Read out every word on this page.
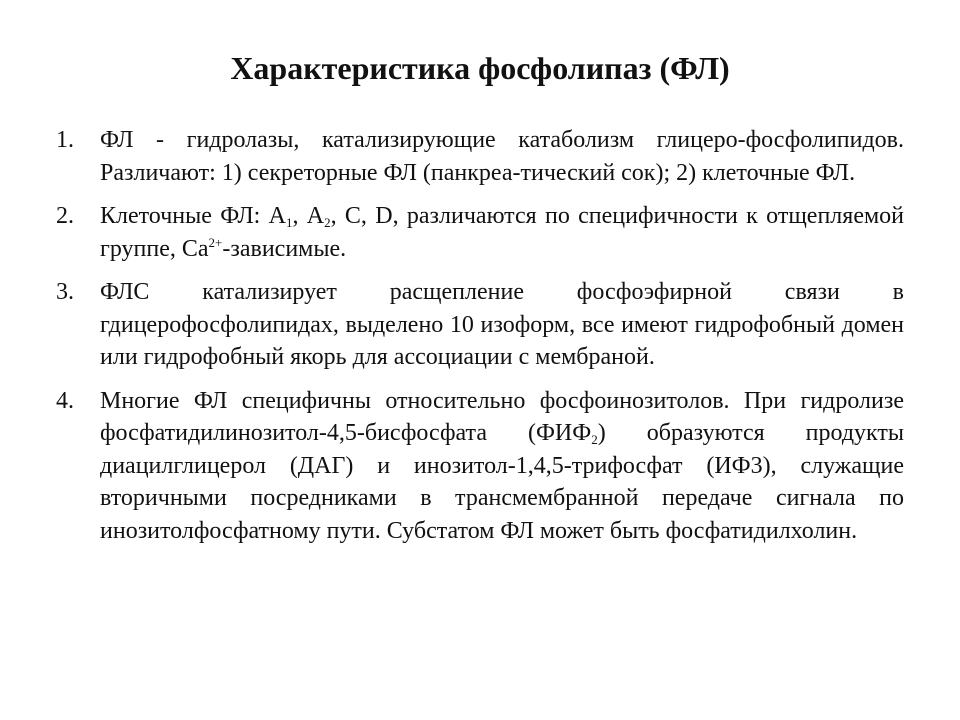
Характеристика фосфолипаз (ФЛ)
1. ФЛ - гидролазы, катализирующие катаболизм глицеро-фосфолипидов. Различают: 1) секреторные ФЛ (панкреа-тический сок); 2) клеточные ФЛ.
2. Клеточные ФЛ: $А_1$, $А_2$, С, D, различаются по специфичности к отщепляемой группе, $Са^{2+}$-зависимые.
3. ФЛС катализирует расщепление фосфоэфирной связи в гдицерофосфолипидах, выделено 10 изоформ, все имеют гидрофобный домен или гидрофобный якорь для ассоциации с мембраной.
4. Многие ФЛ специфичны относительно фосфоинозитолов. При гидролизе фосфатидилинозитол-4,5-бисфосфата $(ФИФ_2)$ образуются продукты диацилглицерол (ДАГ) и инозитол-1,4,5-трифосфат (ИФ3), служащие вторичными посредниками в трансмембранной передаче сигнала по инозитолфосфатному пути. Субстатом ФЛ может быть фосфатидилхолин.
